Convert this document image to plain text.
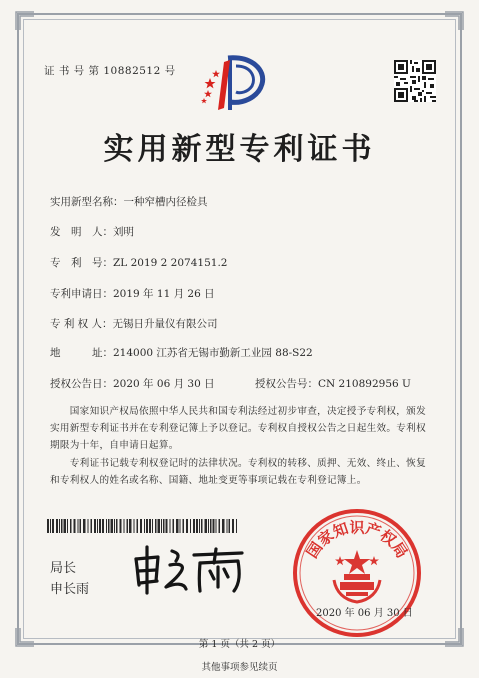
证 书 号 第 10882512 号
实用新型专利证书
实用新型名称：一种窄槽内径检具
发　明　人：刘明
专　利　号：ZL 2019 2 2074151.2
专利申请日：2019 年 11 月 26 日
专 利 权 人：无锡日升量仪有限公司
地　　　址：214000 江苏省无锡市勤新工业园 88-S22
授权公告日：2020 年 06 月 30 日	授权公告号：CN 210892956 U
　　国家知识产权局依照中华人民共和国专利法经过初步审查，决定授予专利权，颁发实用新型专利证书并在专利登记簿上予以登记。专利权自授权公告之日起生效。专利权期限为十年，自申请日起算。
　　专利证书记载专利权登记时的法律状况。专利权的转移、质押、无效、终止、恢复和专利权人的姓名或名称、国籍、地址变更等事项记载在专利登记簿上。
局长
申长雨
国家知识产权局
2020 年 06 月 30 日
第 1 页（共 2 页）
其他事项参见续页
